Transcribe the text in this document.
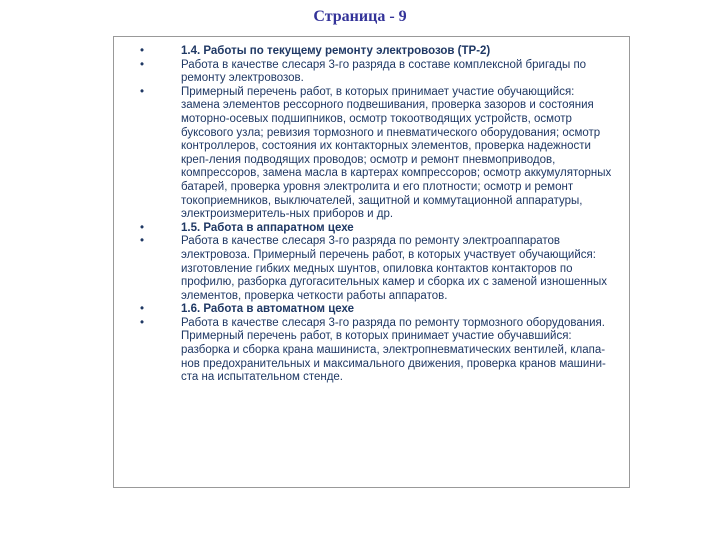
Страница - 9
•	1.4. Работы по текущему ремонту электровозов (ТР-2)
•	Работа в качестве слесаря 3-го разряда в составе комплексной бригады по ремонту электровозов.
•	Примерный перечень работ, в которых принимает участие обучающийся: замена элементов рессорного подвешивания, проверка зазоров и состояния моторно-осевых подшипников, осмотр токоотводящих устройств, осмотр буксового узла; ревизия тормозного и пневматического оборудования; осмотр контроллеров, состояния их контакторных элементов, проверка надежности креп-ления подводящих проводов; осмотр и ремонт пневмоприводов, компрессоров, замена масла в картерах компрессоров; осмотр аккумуляторных батарей, проверка уровня электролита и его плотности; осмотр и ремонт токоприемников, выключателей, защитной и коммутационной аппаратуры, электроизмеритель-ных приборов и др.
•	1.5. Работа в аппаратном цехе
•	Работа в качестве слесаря 3-го разряда по ремонту электроаппаратов электровоза. Примерный перечень работ, в которых участвует обучающийся: изготовление гибких медных шунтов, опиловка контактов контакторов по профилю, разборка дугогасительных камер и сборка их с заменой изношенных элементов, проверка четкости работы аппаратов.
•	1.6. Работа в автоматном цехе
•	Работа в качестве слесаря 3-го разряда по ремонту тормозного оборудования. Примерный перечень работ, в которых принимает участие обучавшийся: разборка и сборка крана машиниста, электропневматических вентилей, клапа-нов предохранительных и максимального движения, проверка кранов машини-ста на испытательном стенде.
